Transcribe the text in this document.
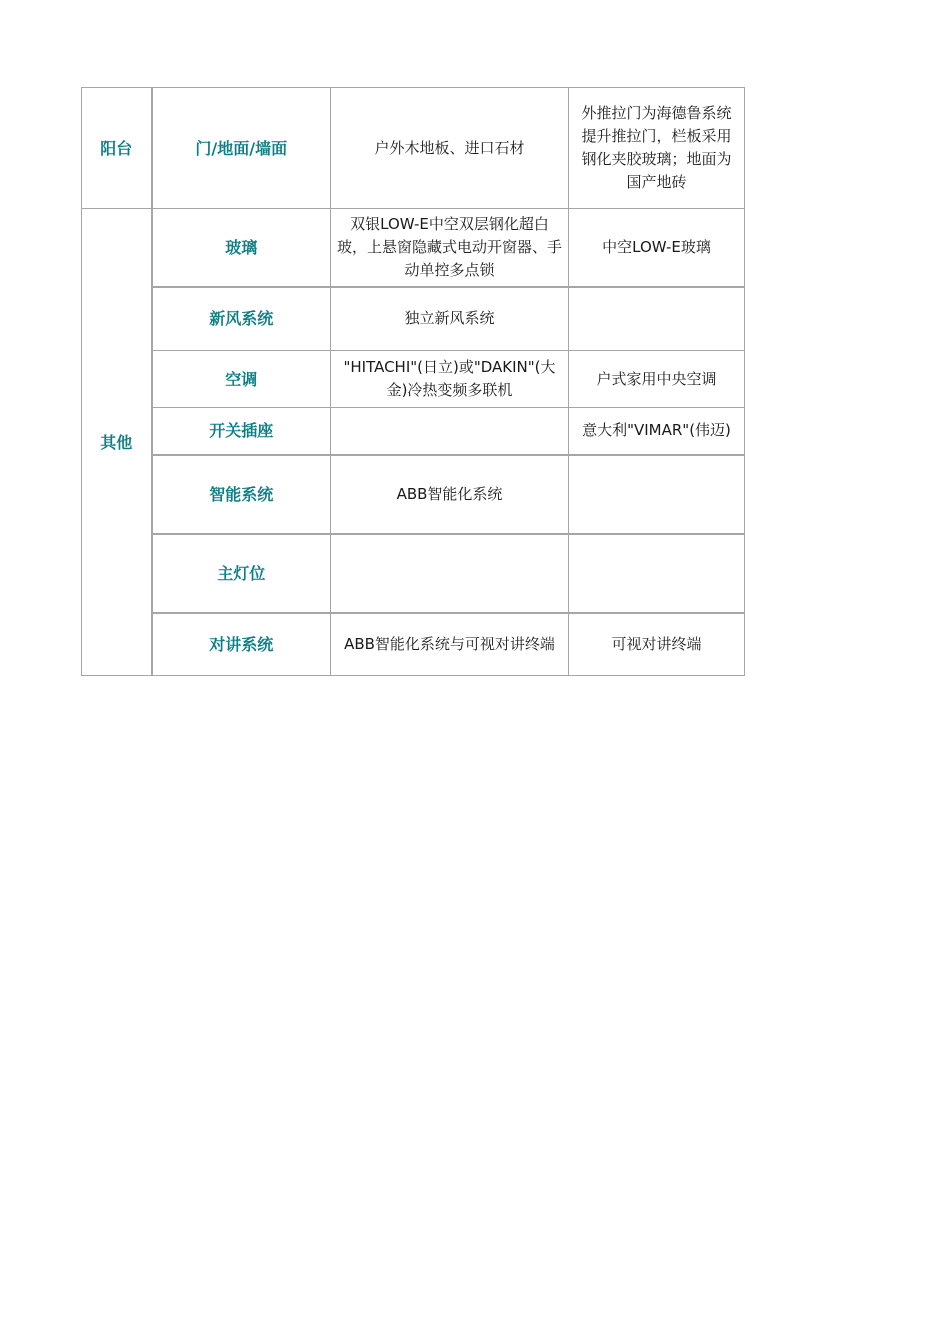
阳台	门/地面/墙面	户外木地板、进口石材	外推拉门为海德鲁系统提升推拉门，栏板采用钢化夹胶玻璃；地面为国产地砖
其他	玻璃	双银LOW-E中空双层钢化超白玻，上悬窗隐藏式电动开窗器、手动单控多点锁	中空LOW-E玻璃
	新风系统	独立新风系统	
	空调	"HITACHI"(日立)或"DAKIN"(大金)冷热变频多联机	户式家用中央空调
	开关插座		意大利"VIMAR"(伟迈)
	智能系统	ABB智能化系统	
	主灯位		
	对讲系统	ABB智能化系统与可视对讲终端	可视对讲终端
